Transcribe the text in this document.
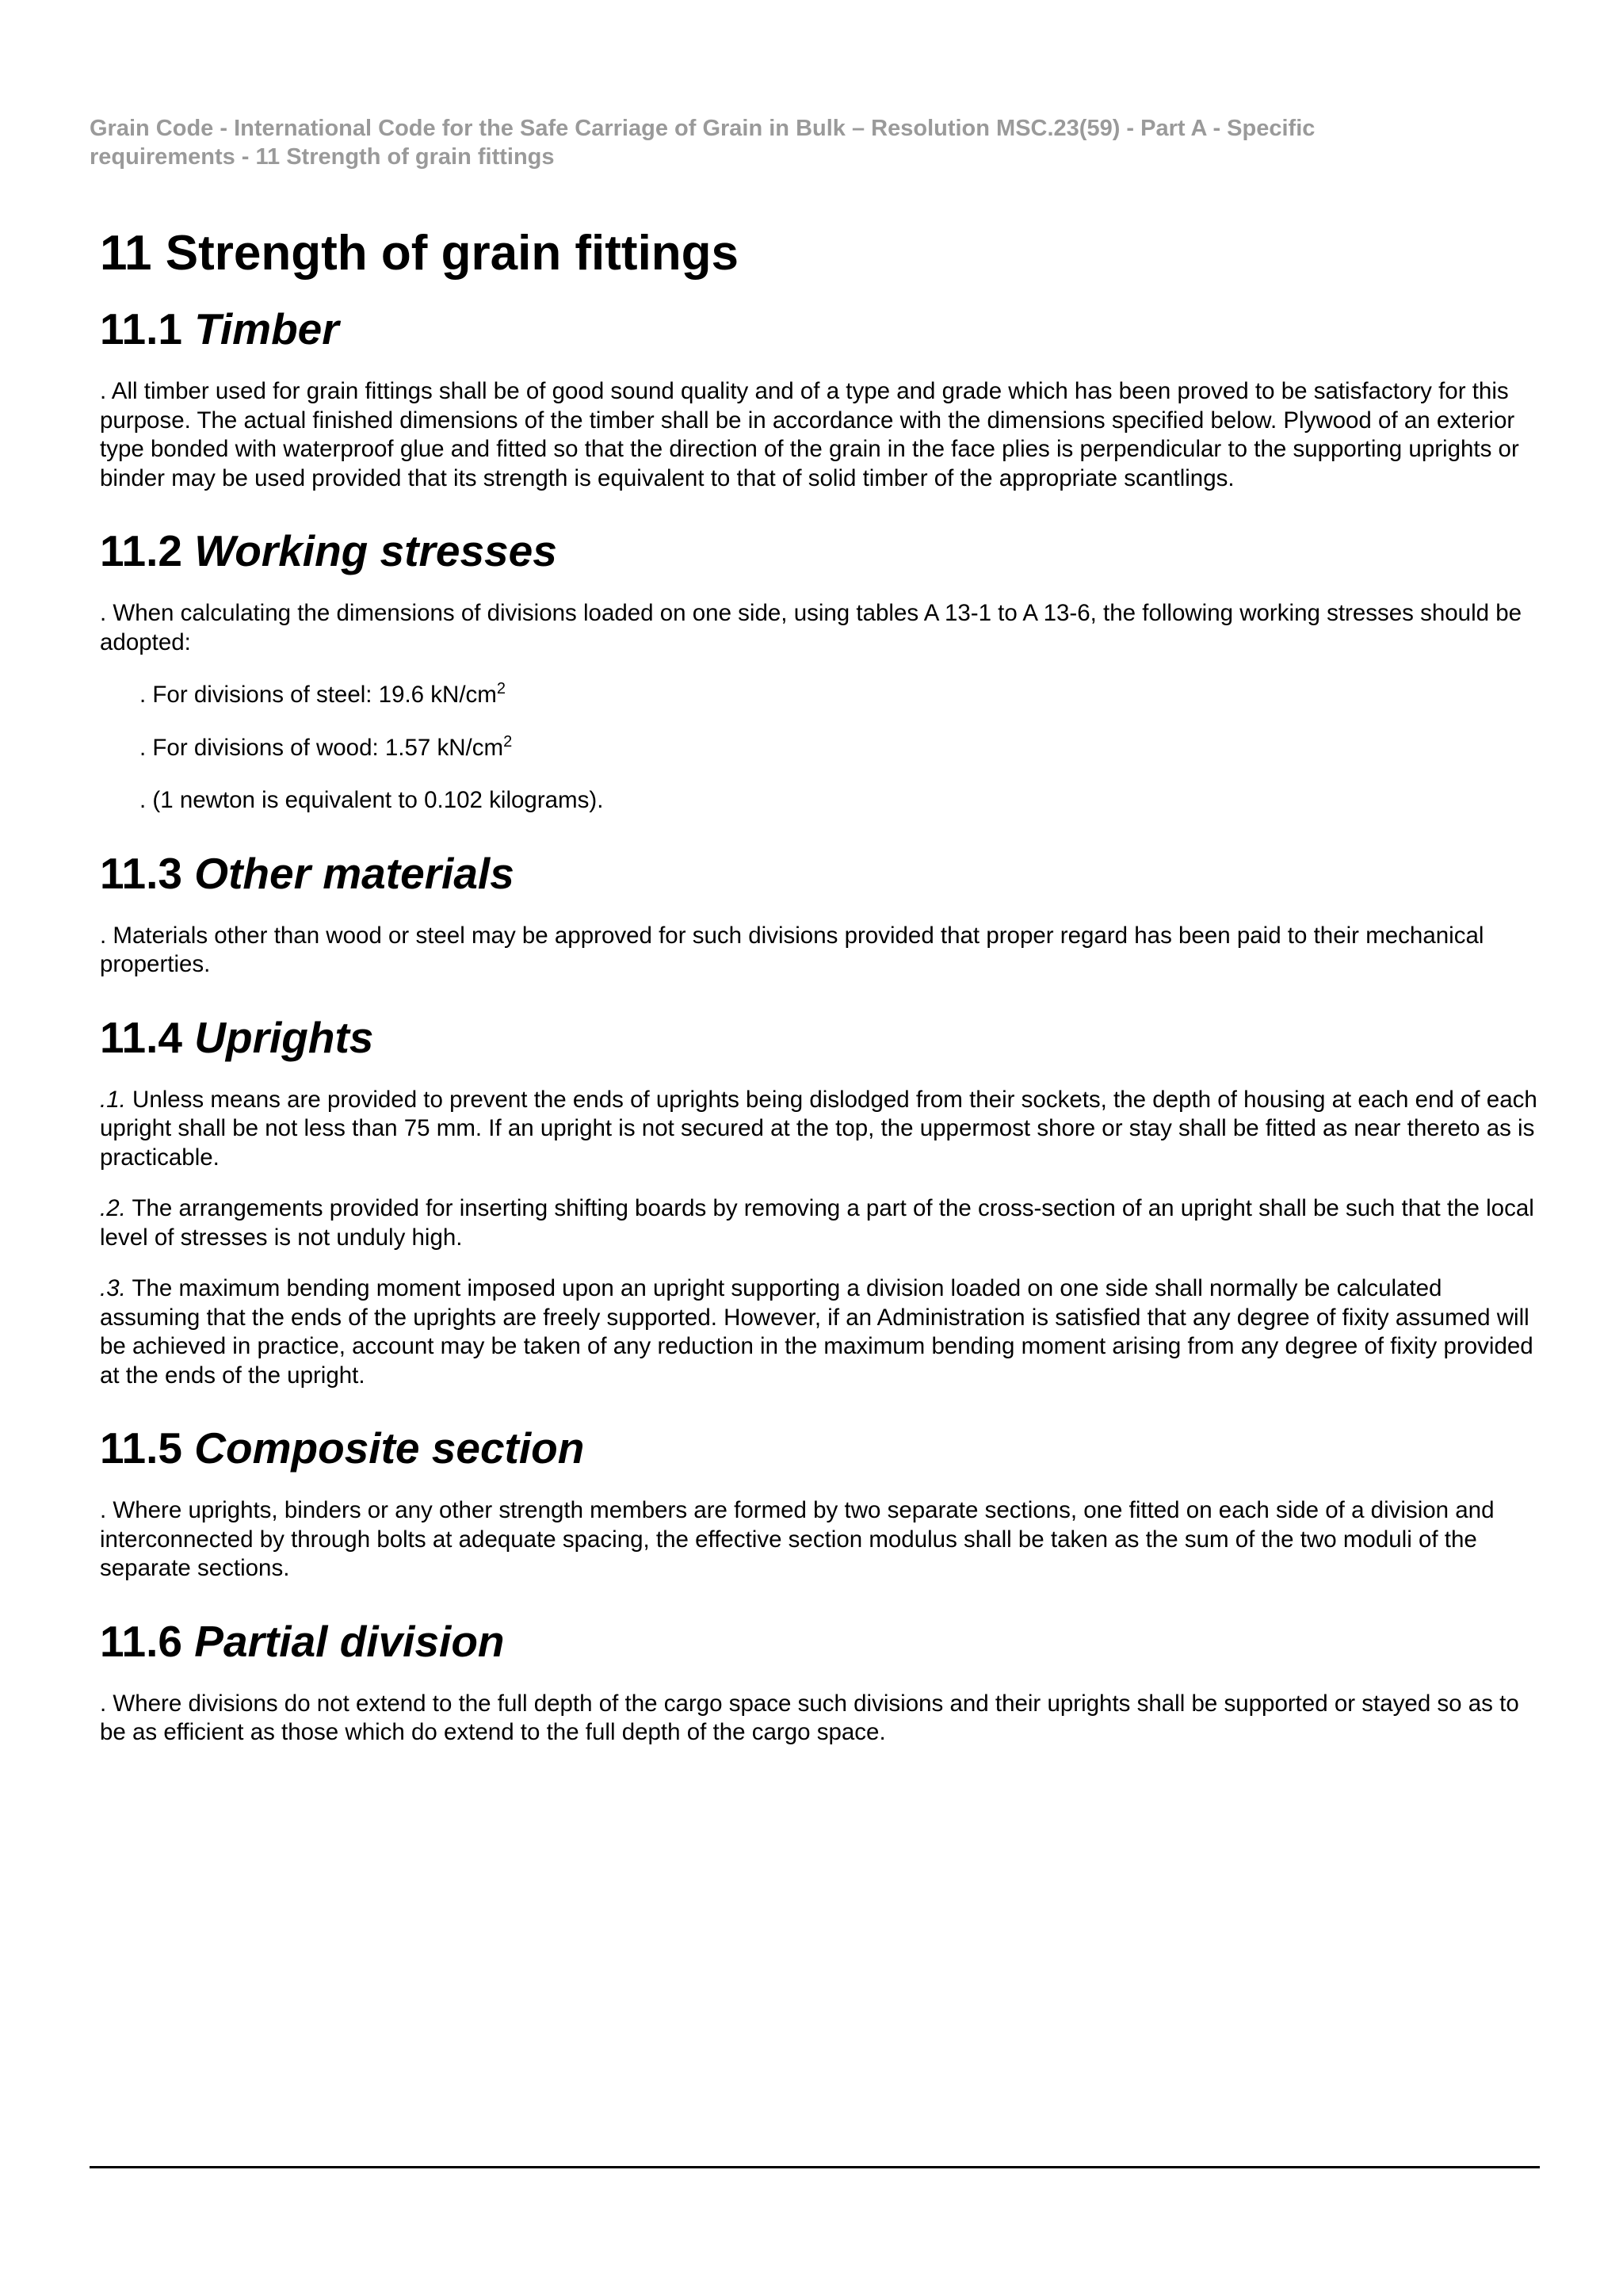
Grain Code - International Code for the Safe Carriage of Grain in Bulk – Resolution MSC.23(59) - Part A - Specific requirements - 11 Strength of grain fittings
11 Strength of grain fittings
11.1 Timber

. All timber used for grain fittings shall be of good sound quality and of a type and grade which has been proved to be satisfactory for this purpose. The actual finished dimensions of the timber shall be in accordance with the dimensions specified below. Plywood of an exterior type bonded with waterproof glue and fitted so that the direction of the grain in the face plies is perpendicular to the supporting uprights or binder may be used provided that its strength is equivalent to that of solid timber of the appropriate scantlings.

11.2 Working stresses

. When calculating the dimensions of divisions loaded on one side, using tables A 13-1 to A 13-6, the following working stresses should be adopted:

. For divisions of steel: 19.6 $kN/cm^2$

. For divisions of wood: 1.57 $kN/cm^2$

. (1 newton is equivalent to 0.102 kilograms).

11.3 Other materials

. Materials other than wood or steel may be approved for such divisions provided that proper regard has been paid to their mechanical properties.

11.4 Uprights

.1. Unless means are provided to prevent the ends of uprights being dislodged from their sockets, the depth of housing at each end of each upright shall be not less than 75 mm. If an upright is not secured at the top, the uppermost shore or stay shall be fitted as near thereto as is practicable.

.2. The arrangements provided for inserting shifting boards by removing a part of the cross-section of an upright shall be such that the local level of stresses is not unduly high.

.3. The maximum bending moment imposed upon an upright supporting a division loaded on one side shall normally be calculated assuming that the ends of the uprights are freely supported. However, if an Administration is satisfied that any degree of fixity assumed will be achieved in practice, account may be taken of any reduction in the maximum bending moment arising from any degree of fixity provided at the ends of the upright.

11.5 Composite section

. Where uprights, binders or any other strength members are formed by two separate sections, one fitted on each side of a division and interconnected by through bolts at adequate spacing, the effective section modulus shall be taken as the sum of the two moduli of the separate sections.

11.6 Partial division

. Where divisions do not extend to the full depth of the cargo space such divisions and their uprights shall be supported or stayed so as to be as efficient as those which do extend to the full depth of the cargo space.
